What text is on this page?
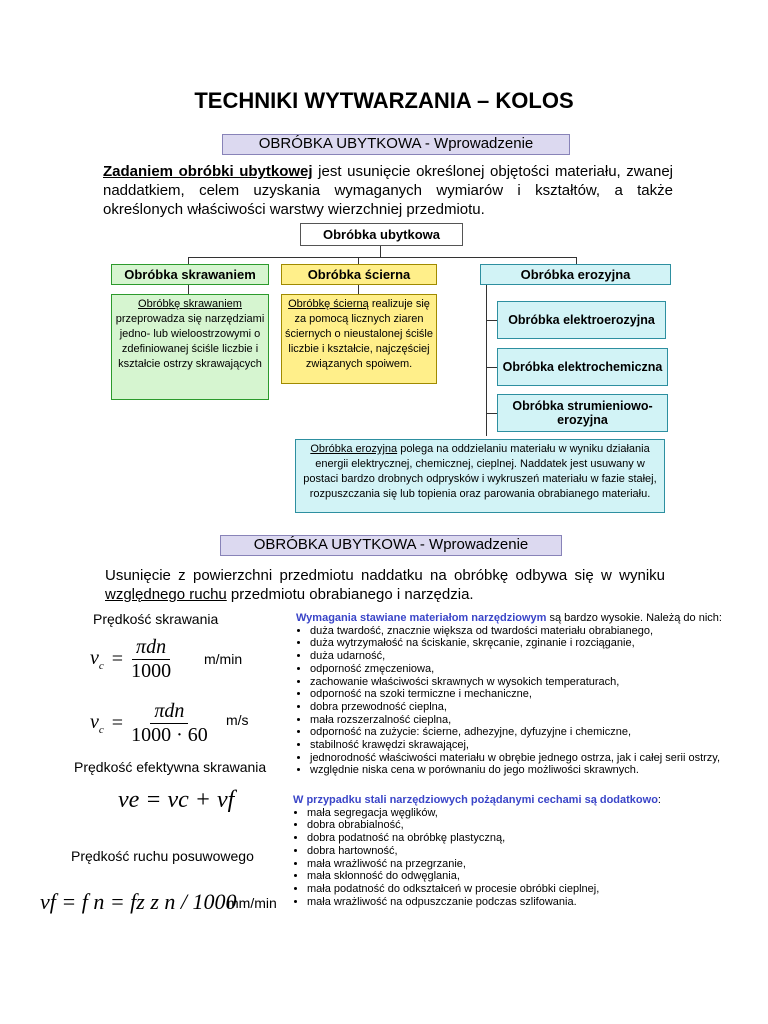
TECHNIKI WYTWARZANIA – KOLOS
OBRÓBKA UBYTKOWA - Wprowadzenie
Zadaniem obróbki ubytkowej jest usunięcie określonej objętości materiału, zwanej naddatkiem, celem uzyskania wymaganych wymiarów i kształtów, a także określonych właściwości warstwy wierzchniej przedmiotu.
Obróbka ubytkowa
Obróbka skrawaniem	Obróbka ścierna	Obróbka erozyjna
Obróbkę skrawaniem przeprowadza się narzędziami jedno- lub wieloostrzowymi o zdefiniowanej ściśle liczbie i kształcie ostrzy skrawających
Obróbkę ścierną realizuje się za pomocą licznych ziaren ściernych o nieustalonej ściśle liczbie i kształcie, najczęściej związanych spoiwem.
Obróbka elektroerozyjna
Obróbka elektrochemiczna
Obróbka strumieniowo-erozyjna
Obróbka erozyjna polega na oddzielaniu materiału w wyniku działania energii elektrycznej, chemicznej, cieplnej. Naddatek jest usuwany w postaci bardzo drobnych odprysków i wykruszeń materiału w fazie stałej, rozpuszczania się lub topienia oraz parowania obrabianego materiału.
OBRÓBKA UBYTKOWA - Wprowadzenie
Usunięcie z powierzchni przedmiotu naddatku na obróbkę odbywa się w wyniku względnego ruchu przedmiotu obrabianego i narzędzia.
Prędkość skrawania
$v_c = \frac{\text{πdn}}{1000} m/\min$
$v_c = \frac{\text{πdn}}{1000 \cdot 60} m/s$
Prędkość efektywna skrawania
ve = vc + vf
Prędkość ruchu posuwowego
vf = f n = fz z n / 1000
mm/min
Wymagania stawiane materiałom narzędziowym są bardzo wysokie. Należą do nich:
• duża twardość, znacznie większa od twardości materiału obrabianego,
• duża wytrzymałość na ściskanie, skręcanie, zginanie i rozciąganie,
• duża udarność,
• odporność zmęczeniowa,
• zachowanie właściwości skrawnych w wysokich temperaturach,
• odporność na szoki termiczne i mechaniczne,
• dobra przewodność cieplna,
• mała rozszerzalność cieplna,
• odporność na zużycie: ścierne, adhezyjne, dyfuzyjne i chemiczne,
• stabilność krawędzi skrawającej,
• jednorodność właściwości materiału w obrębie jednego ostrza, jak i całej serii ostrzy,
• względnie niska cena w porównaniu do jego możliwości skrawnych.
W przypadku stali narzędziowych pożądanymi cechami są dodatkowo:
• mała segregacja węglików,
• dobra obrabialność,
• dobra podatność na obróbkę plastyczną,
• dobra hartowność,
• mała wrażliwość na przegrzanie,
• mała skłonność do odwęglania,
• mała podatność do odkształceń w procesie obróbki cieplnej,
• mała wrażliwość na odpuszczanie podczas szlifowania.
